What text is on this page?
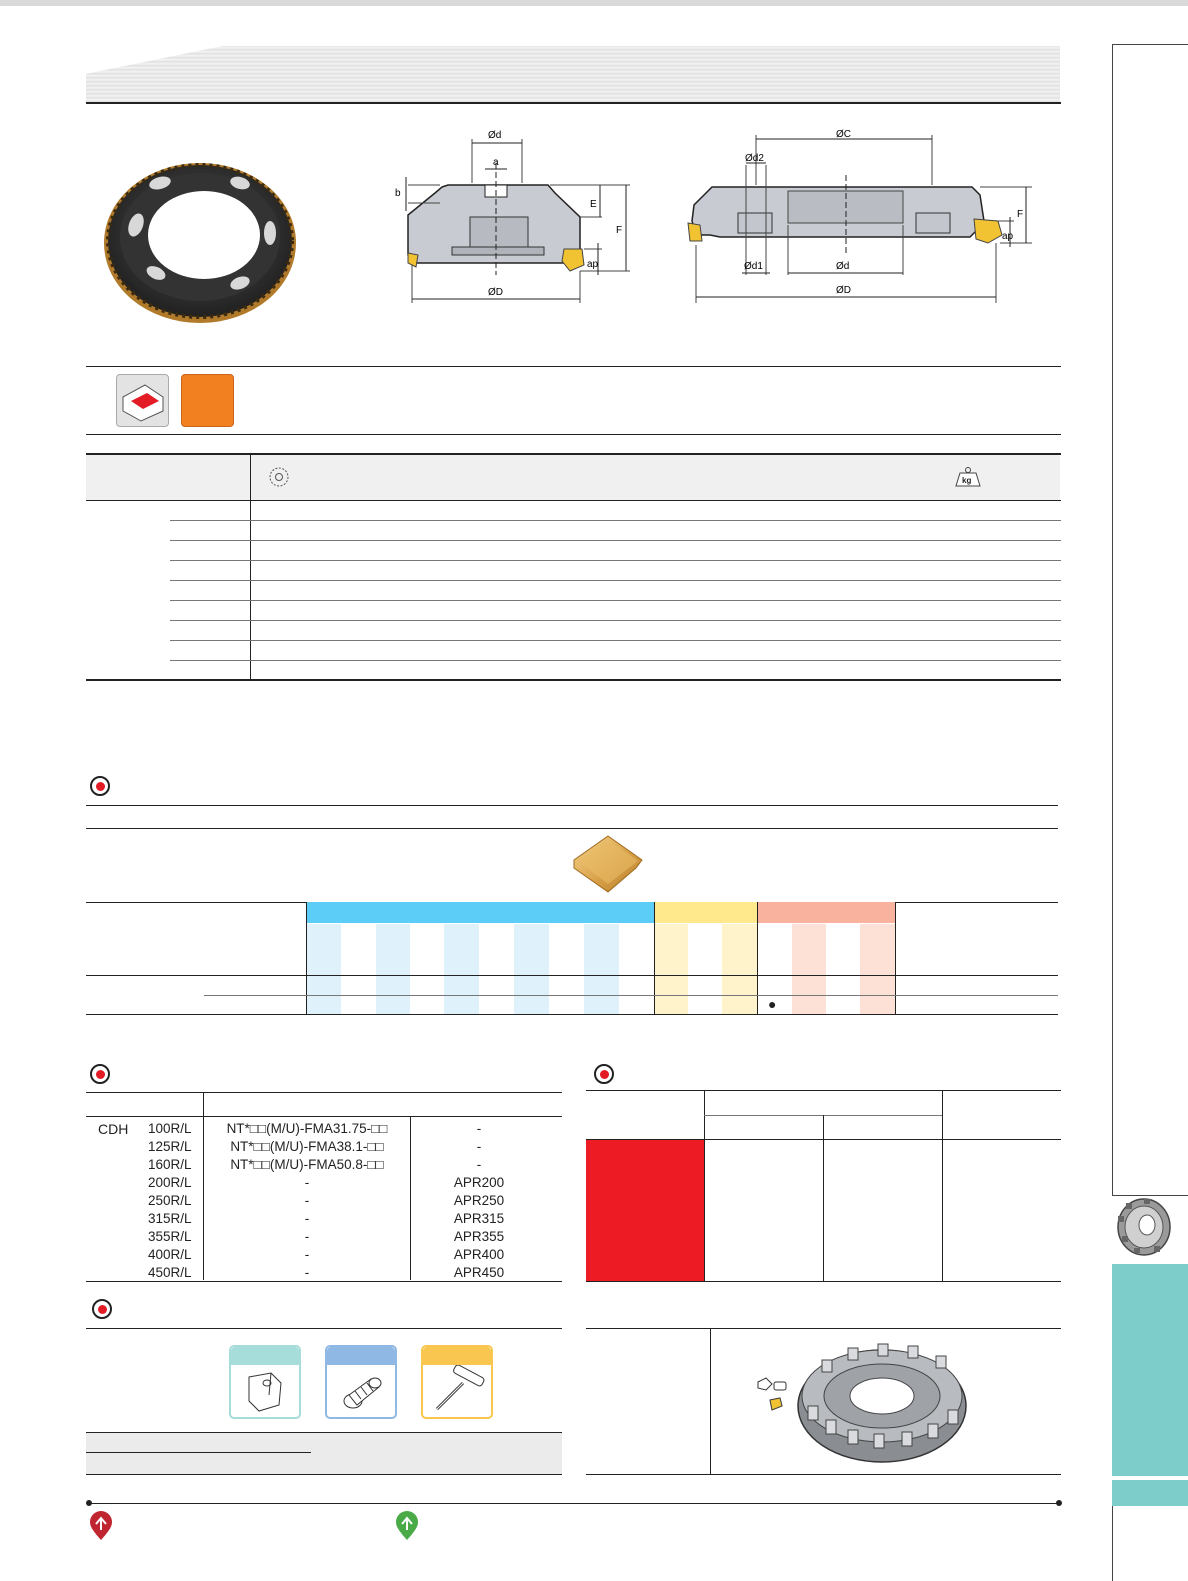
Ød
a
b
E
F
ap
ØD
ØC
Ød2
Ød1	Ød
F
ap
ØD
kg
●
CDH 100R/L
125R/L
160R/L
200R/L
250R/L
315R/L
355R/L
400R/L
450R/L
NT*□□(M/U)-FMA31.75-□□
NT*□□(M/U)-FMA38.1-□□
NT*□□(M/U)-FMA50.8-□□
-
-
-
-
-
-
-
-
-
APR200
APR250
APR315
APR355
APR400
APR450
